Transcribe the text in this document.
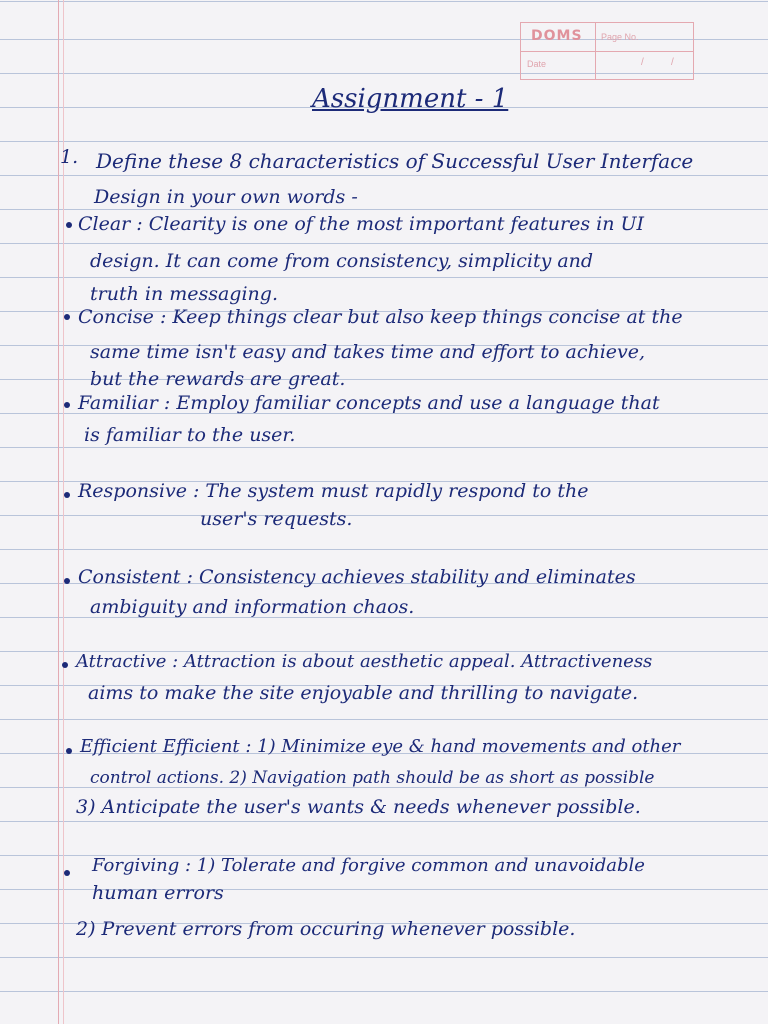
DOMS Page No.
Date	/	/
Assignment - 1
1. Define these 8 characteristics of Successful User Interface
Design in your own words -
Clear : Clearity is one of the most important features in UI
design. It can come from consistency, simplicity and
truth in messaging.
Concise : Keep things clear but also keep things concise at the
same time isn't easy and takes time and effort to achieve,
but the rewards are great.
Familiar : Employ familiar concepts and use a language that
is familiar to the user.
Responsive : The system must rapidly respond to the
user's requests.
Consistent : Consistency achieves stability and eliminates
ambiguity and information chaos.
Attractive : Attraction is about aesthetic appeal. Attractiveness
aims to make the site enjoyable and thrilling to navigate.
Efficient Efficient : 1) Minimize eye & hand movements and other
control actions. 2) Navigation path should be as short as possible
3) Anticipate the user's wants & needs whenever possible.
Forgiving : 1) Tolerate and forgive common and unavoidable
human errors
2) Prevent errors from occuring whenever possible.
